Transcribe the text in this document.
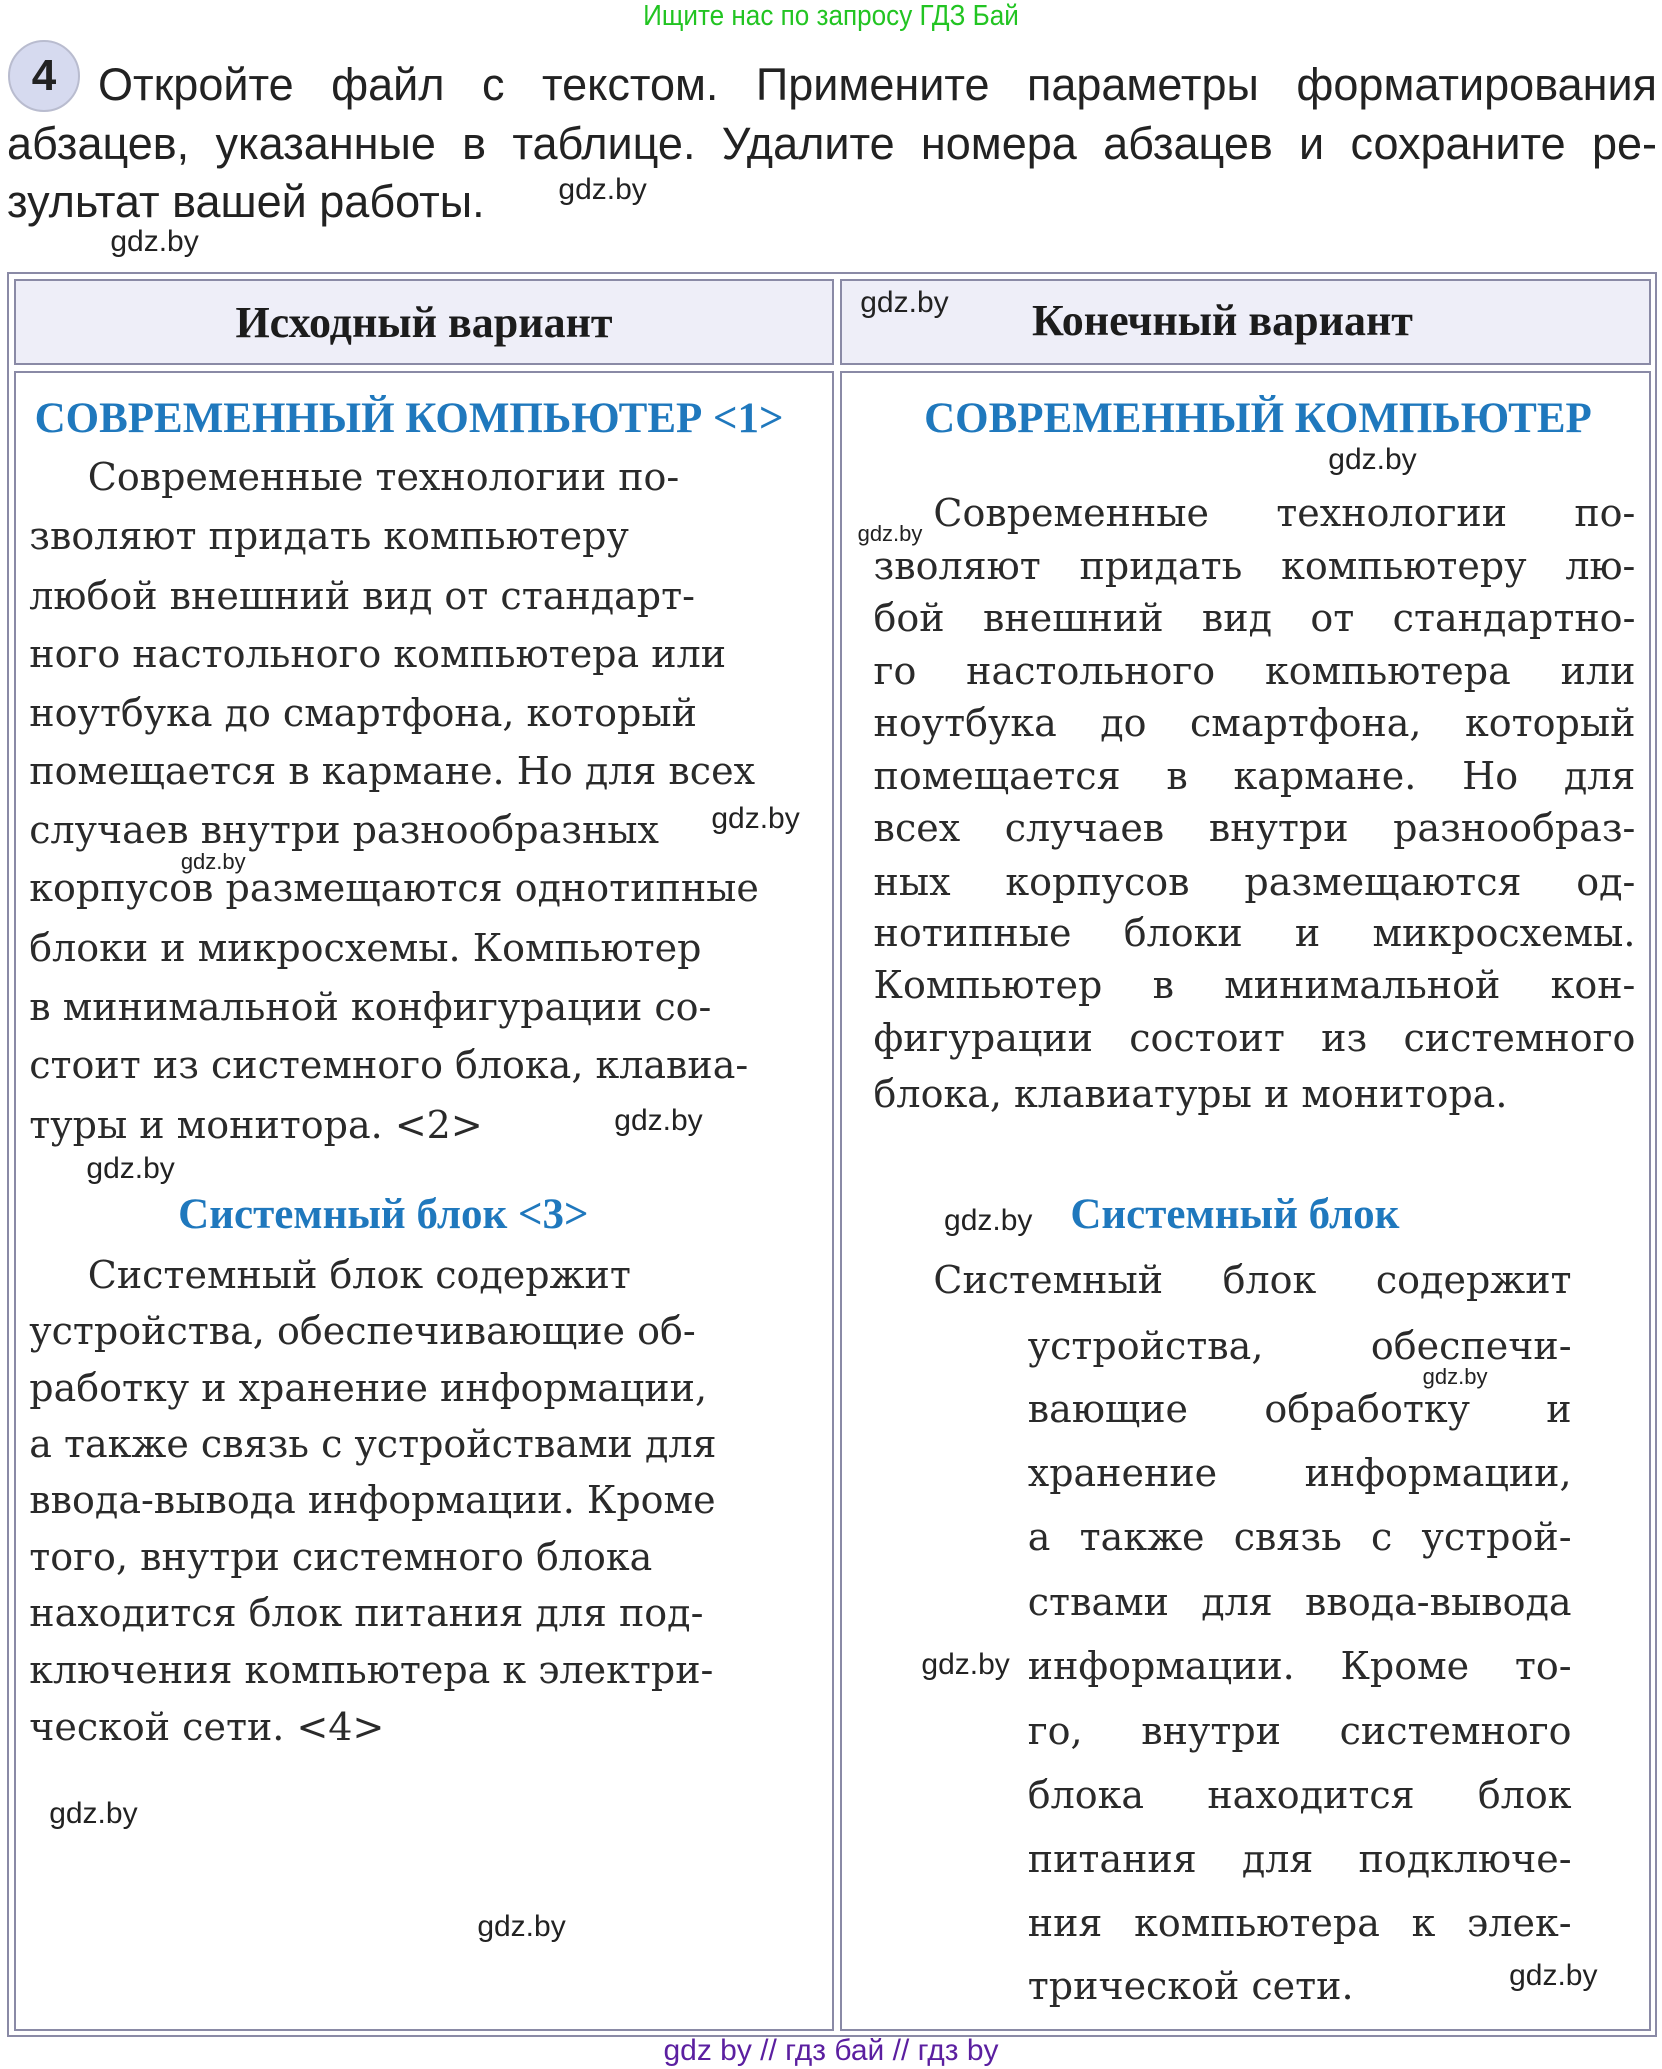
Ищите нас по запросу ГДЗ Бай
4 Откройте файл с текстом. Примените параметры форматирования
абзацев, указанные в таблице. Удалите номера абзацев и сохраните ре-
зультат вашей работы.
Исходный вариант	Конечный вариант
СОВРЕМЕННЫЙ КОМПЬЮТЕР <1>
Современные технологии по-
зволяют придать компьютеру
любой внешний вид от стандарт-
ного настольного компьютера или
ноутбука до смартфона, который
помещается в кармане. Но для всех
случаев внутри разнообразных
корпусов размещаются однотипные
блоки и микросхемы. Компьютер
в минимальной конфигурации со-
стоит из системного блока, клавиа-
туры и монитора. <2>
Системный блок <3>
Системный блок содержит
устройства, обеспечивающие об-
работку и хранение информации,
а также связь с устройствами для
ввода-вывода информации. Кроме
того, внутри системного блока
находится блок питания для под-
ключения компьютера к электри-
ческой сети. <4>
СОВРЕМЕННЫЙ КОМПЬЮТЕР
Современные технологии по-
зволяют придать компьютеру лю-
бой внешний вид от стандартно-
го настольного компьютера или
ноутбука до смартфона, который
помещается в кармане. Но для
всех случаев внутри разнообраз-
ных корпусов размещаются од-
нотипные блоки и микросхемы.
Компьютер в минимальной кон-
фигурации состоит из системного
блока, клавиатуры и монитора.
Системный блок
Системный блок содержит
устройства, обеспечи-
вающие обработку и
хранение информации,
а также связь с устрой-
ствами для ввода-вывода
информации. Кроме то-
го, внутри системного
блока находится блок
питания для подключе-
ния компьютера к элек-
трической сети.
gdz.by
gdz.by
gdz.by
gdz.by
gdz.by
gdz.by
gdz.by
gdz.by
gdz.by
gdz.by
gdz.by
gdz.by
gdz.by
gdz.by
gdz.by
gdz by // гдз бай // гдз by
